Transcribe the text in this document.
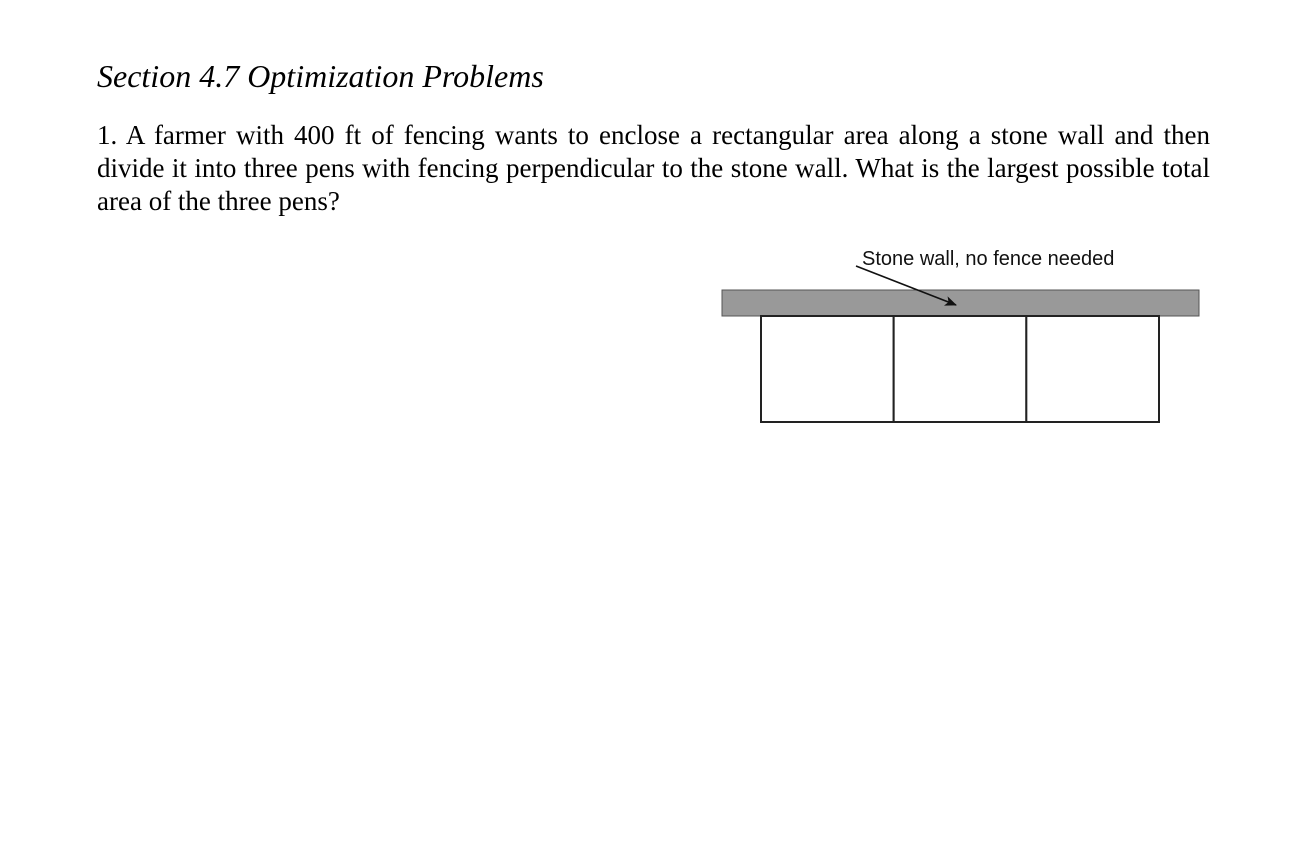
Section 4.7 Optimization Problems

1. A farmer with 400 ft of fencing wants to enclose a rectangular area along a stone wall and then divide it into three pens with fencing perpendicular to the stone wall. What is the largest possible total area of the three pens?

Stone wall, no fence needed
